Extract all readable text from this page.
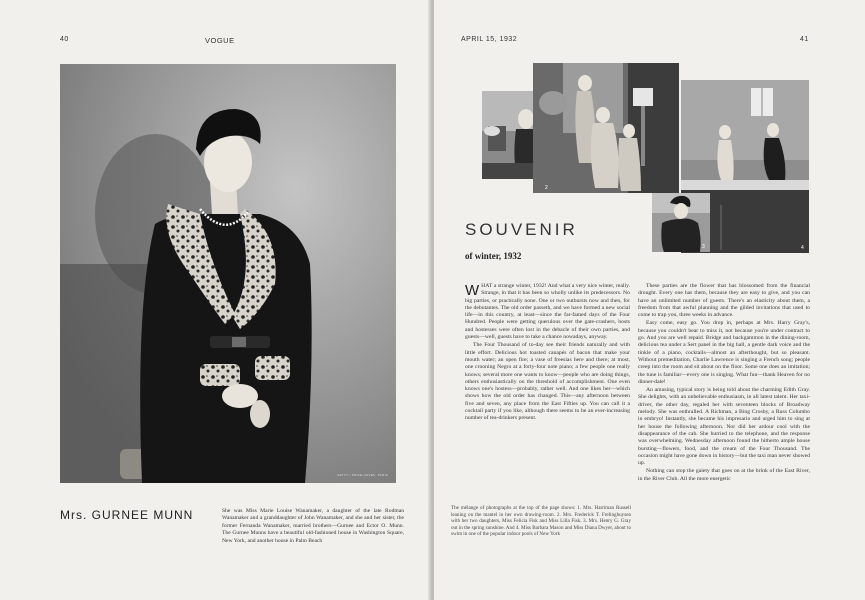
40	VOGUE
GETTY / PRIZE-HOVEK, PARIS
Mrs. GURNEE MUNN	She was Miss Marie Louise Wanamaker, a daughter of the late Rodman Wanamaker and a granddaughter of John Wanamaker, and she and her sister, the former Fernanda Wanamaker, married brothers—Gurnee and Ector O. Munn. The Gurnee Munns have a beautiful old-fashioned house in Washington Square, New York, and another house in Palm Beach
APRIL 15, 1932	41
2
4
3
SOUVENIR
of winter, 1932

WHAT a strange winter, 1932! And what a very nice winter, really. Strange, in that it has been so wholly unlike its predecessors. No big parties, or practically none. One or two outbursts now and then, for the debutantes. The old order passeth, and we have formed a new social life—in this country, at least—since the far-famed days of the Four Hundred. People were getting querulous over the gate-crashers, hosts and hostesses were often lost in the debacle of their own parties, and guests—well, guests have to take a chance nowadays, anyway.

The Four Thousand of to-day see their friends naturally and with little effort. Delicious hot toasted canapés of bacon that make your mouth water; an open fire; a vase of freesias here and there; at most, one crooning Negro at a forty-four note piano; a few people one really knows; several more one wants to know—people who are doing things, others enthusiastically on the threshold of accomplishment. One even knows one's hostess—probably, rather well. And one likes her—which shows how the old order has changed. This—any afternoon between five and seven, any place from the East Fifties up. You can call it a cocktail party if you like, although there seems to be an ever-increasing number of tea-drinkers present.

These parties are the flower that has blossomed from the financial drought. Every one has them, because they are easy to give, and you can have an unlimited number of guests. There's an elasticity about them, a freedom from that awful planning and the gilded invitations that used to come to trap you, three weeks in advance.

Easy come, easy go. You drop in, perhaps at Mrs. Harry Gray's, because you couldn't bear to miss it, not because you're under contract to go. And you are well repaid. Bridge and backgammon in the dining-room, delicious tea under a Sert panel in the big hall, a gentle dark voice and the tinkle of a piano, cocktails—almost an afterthought, but so pleasant. Without premeditation, Charlie Lawrence is singing a French song; people creep into the room and sit about on the floor. Some one does an imitation; the tune is familiar—every one is singing. What fun—thank Heaven for no dinner-date!

An amusing, typical story is being told about the charming Edith Gray. She delights, with an unbelievable enthusiasm, in all latest talent. Her taxi-driver, the other day, regaled her with seventeen blocks of Broadway melody. She was enthralled. A Richman, a Bing Crosby, a Russ Columbo in embryo! Instantly, she became his impresario and urged him to sing at her house the following afternoon. Nor did her ardour cool with the disappearance of the cab. She hurried to the telephone, and the response was overwhelming. Wednesday afternoon found the hitherto ample house bursting—flowers, food, and the cream of the Four Thousand. The occasion might have gone down in history—but the taxi man never showed up.

Nothing can stop the gaiety that goes on at the brink of the East River, in the River Club. All the more energetic

The mélange of photographs at the top of the page shows: 1. Mrs. Harriman Russell leaning on the mantel in her own drawing-room. 2. Mrs. Frederick T. Frelinghuysen with her two daughters, Miss Felicia Fisk and Miss Lilla Fisk. 3. Mrs. Henry G. Gray out in the spring sunshine. And 4. Miss Barbara Mason and Miss Diana Dwyer, about to swim in one of the popular indoor pools of New York
